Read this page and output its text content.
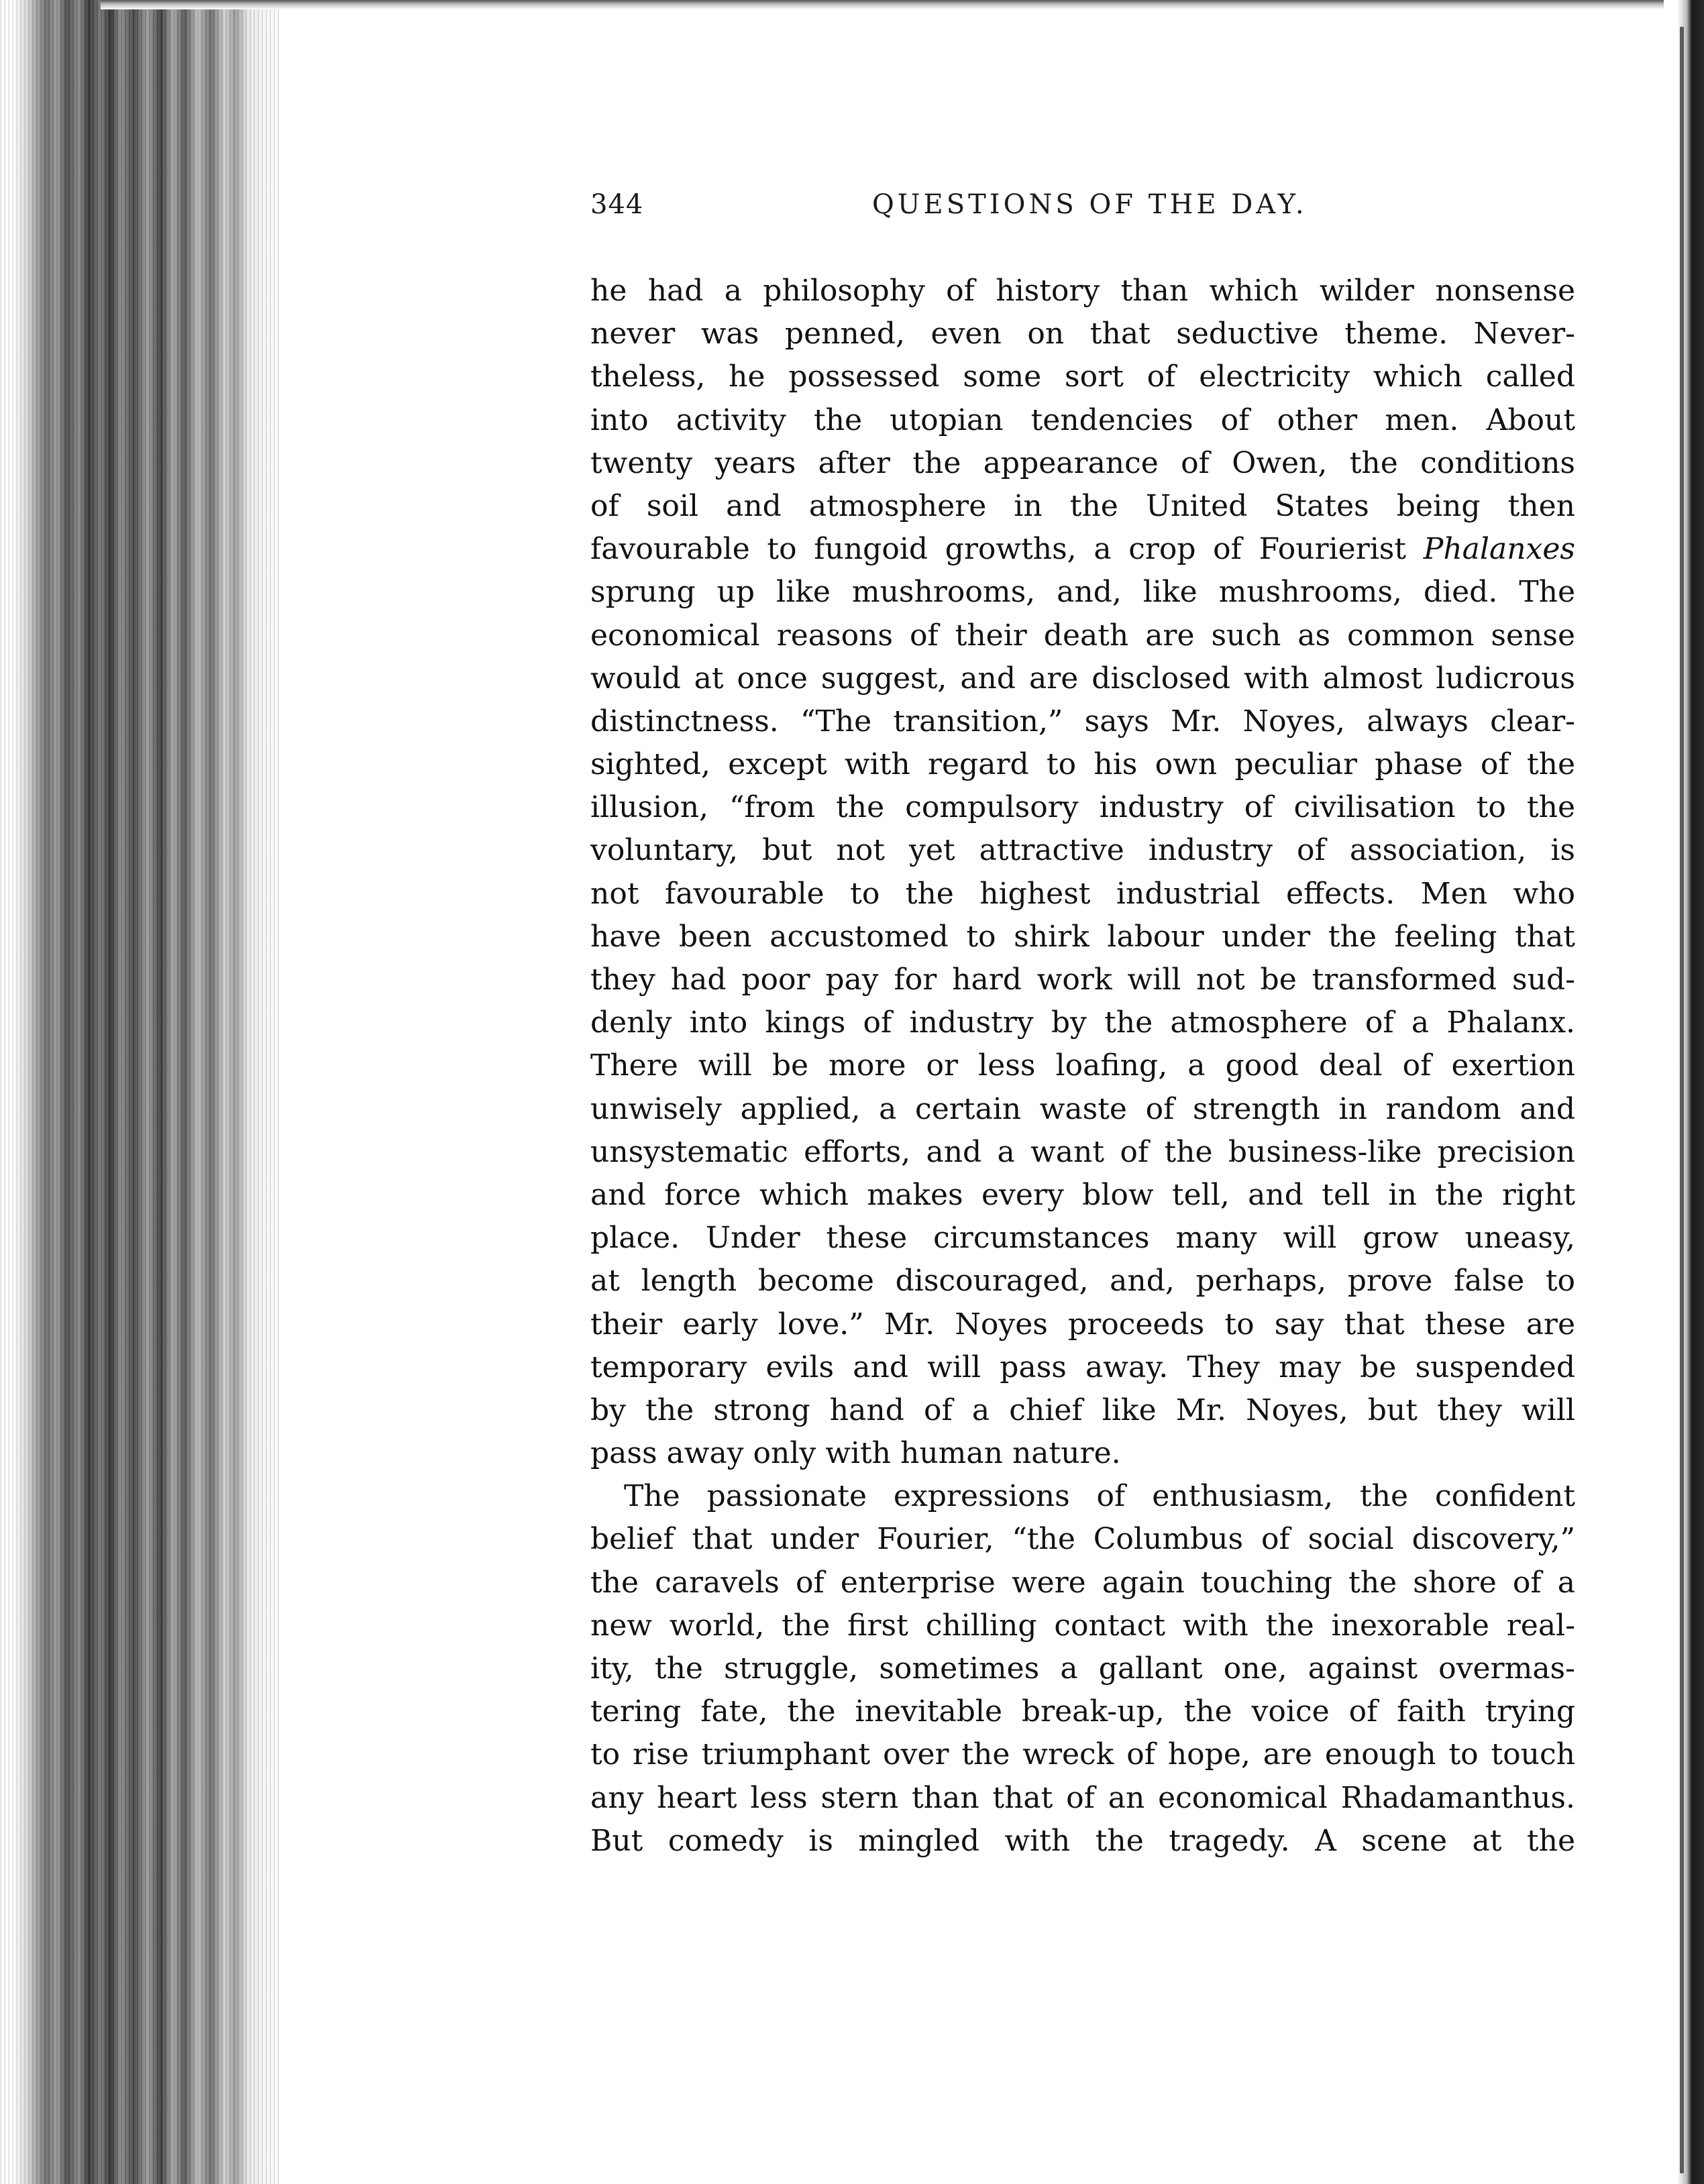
344	QUESTIONS OF THE DAY.
he had a philosophy of history than which wilder nonsense
never was penned, even on that seductive theme. Never-
theless, he possessed some sort of electricity which called
into activity the utopian tendencies of other men. About
twenty years after the appearance of Owen, the conditions
of soil and atmosphere in the United States being then
favourable to fungoid growths, a crop of Fourierist Phalanxes
sprung up like mushrooms, and, like mushrooms, died. The
economical reasons of their death are such as common sense
would at once suggest, and are disclosed with almost ludicrous
distinctness. “The transition,” says Mr. Noyes, always clear-
sighted, except with regard to his own peculiar phase of the
illusion, “from the compulsory industry of civilisation to the
voluntary, but not yet attractive industry of association, is
not favourable to the highest industrial effects. Men who
have been accustomed to shirk labour under the feeling that
they had poor pay for hard work will not be transformed sud-
denly into kings of industry by the atmosphere of a Phalanx.
There will be more or less loafing, a good deal of exertion
unwisely applied, a certain waste of strength in random and
unsystematic efforts, and a want of the business-like precision
and force which makes every blow tell, and tell in the right
place. Under these circumstances many will grow uneasy,
at length become discouraged, and, perhaps, prove false to
their early love.” Mr. Noyes proceeds to say that these are
temporary evils and will pass away. They may be suspended
by the strong hand of a chief like Mr. Noyes, but they will
pass away only with human nature.
The passionate expressions of enthusiasm, the confident
belief that under Fourier, “the Columbus of social discovery,”
the caravels of enterprise were again touching the shore of a
new world, the first chilling contact with the inexorable real-
ity, the struggle, sometimes a gallant one, against overmas-
tering fate, the inevitable break-up, the voice of faith trying
to rise triumphant over the wreck of hope, are enough to touch
any heart less stern than that of an economical Rhadamanthus.
But comedy is mingled with the tragedy. A scene at the
